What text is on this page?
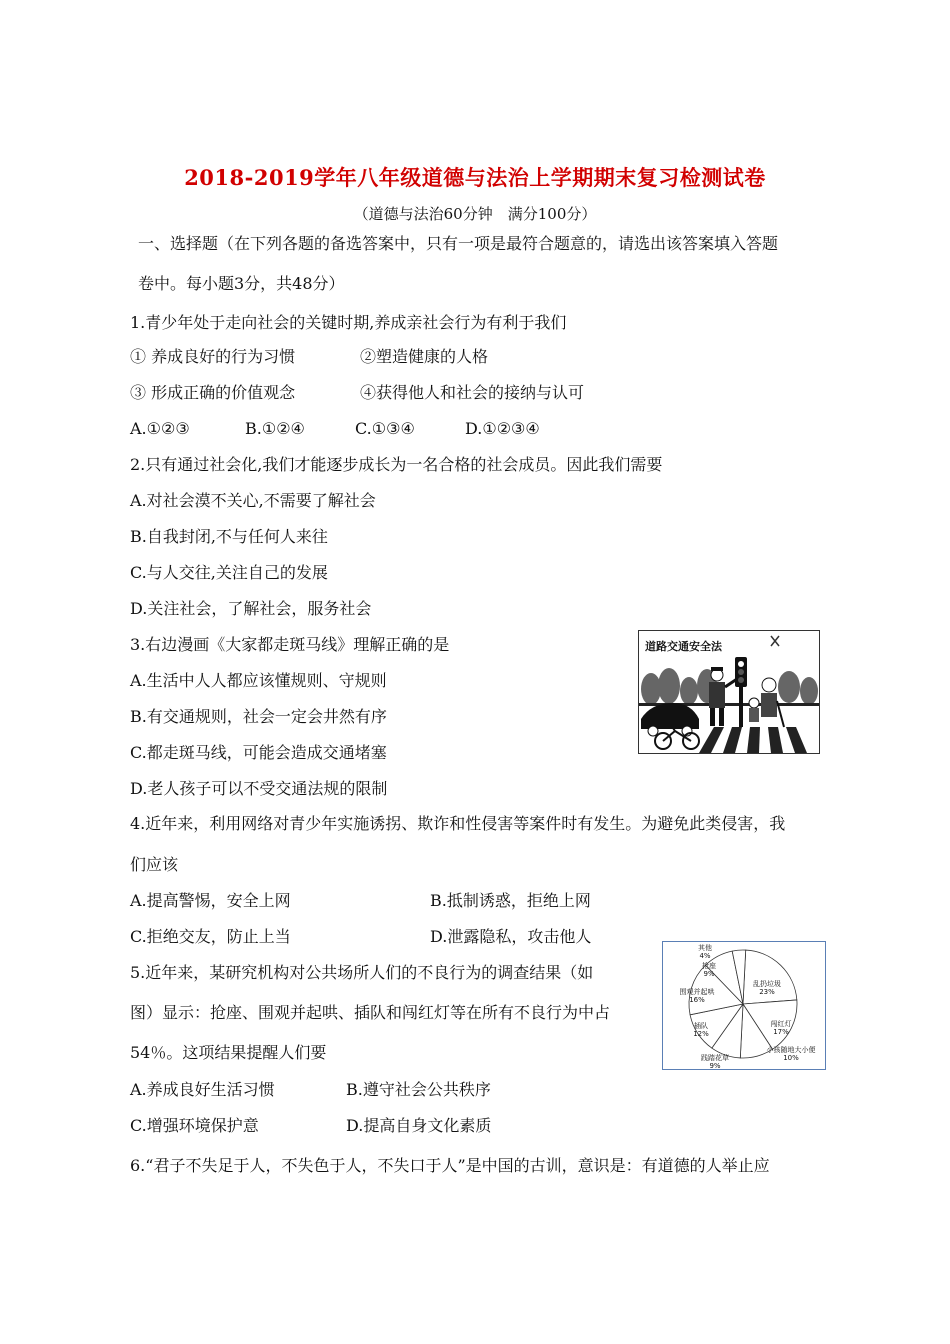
2018-2019学年八年级道德与法治上学期期末复习检测试卷
（道德与法治60分钟　满分100分）
一、选择题（在下列各题的备选答案中，只有一项是最符合题意的，请选出该答案填入答题
卷中。每小题3分，共48分）
1.青少年处于走向社会的关键时期,养成亲社会行为有利于我们
① 养成良好的行为习惯	②塑造健康的人格
③ 形成正确的价值观念	④获得他人和社会的接纳与认可
A.①②③	B.①②④	C.①③④	D.①②③④
2.只有通过社会化,我们才能逐步成长为一名合格的社会成员。因此我们需要
A.对社会漠不关心,不需要了解社会
B.自我封闭,不与任何人来往
C.与人交往,关注自己的发展
D.关注社会，了解社会，服务社会
3.右边漫画《大家都走斑马线》理解正确的是
A.生活中人人都应该懂规则、守规则
B.有交通规则，社会一定会井然有序
C.都走斑马线，可能会造成交通堵塞
D.老人孩子可以不受交通法规的限制
道路交通安全法
4.近年来，利用网络对青少年实施诱拐、欺诈和性侵害等案件时有发生。为避免此类侵害，我
们应该
A.提高警惕，安全上网	B.抵制诱惑，拒绝上网
C.拒绝交友，防止上当	D.泄露隐私，攻击他人
5.近年来，某研究机构对公共场所人们的不良行为的调查结果（如
图）显示：抢座、围观并起哄、插队和闯红灯等在所有不良行为中占
54％。这项结果提醒人们要
A.养成良好生活习惯	B.遵守社会公共秩序
C.增强环境保护意	D.提高自身文化素质
乱扔垃圾
23%
闯红灯
17%
小孩随地大小便
10%
践踏花草
9%
插队
12%
围观并起哄
16%
抢座
9%
其他
4%
6.“君子不失足于人，不失色于人，不失口于人”是中国的古训，意识是：有道德的人举止应
